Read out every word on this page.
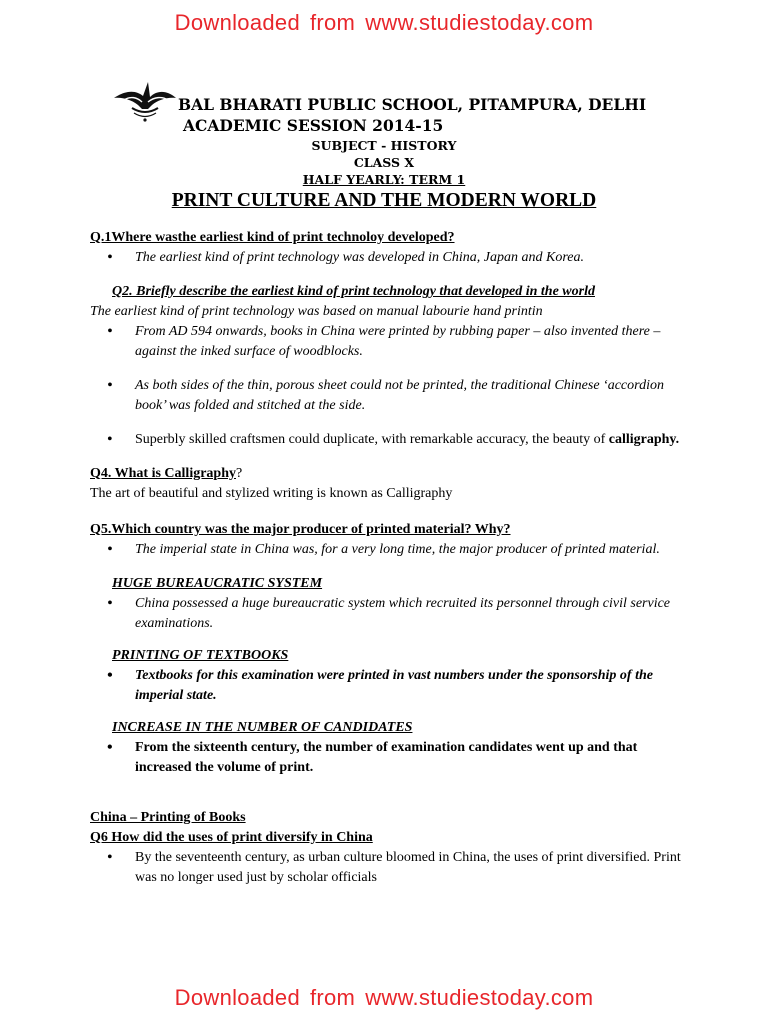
Downloaded from www.studiestoday.com
BAL BHARATI PUBLIC SCHOOL, PITAMPURA, DELHI
ACADEMIC SESSION 2014-15
SUBJECT - HISTORY
CLASS X
HALF YEARLY: TERM 1
PRINT CULTURE AND THE MODERN WORLD

Q.1Where wasthe earliest kind of print technoloy developed?

• The earliest kind of print technology was developed in China, Japan and Korea.

Q2. Briefly describe the earliest kind of print technology that developed in the world

The earliest kind of print technology was based on manual labourie hand printin

• From AD 594 onwards, books in China were printed by rubbing paper – also invented there – against the inked surface of woodblocks.
• As both sides of the thin, porous sheet could not be printed, the traditional Chinese ‘accordion book’ was folded and stitched at the side.
• Superbly skilled craftsmen could duplicate, with remarkable accuracy, the beauty of calligraphy.

Q4. What is Calligraphy?

The art of beautiful and stylized writing is known as Calligraphy

Q5.Which country was the major producer of printed material? Why?

• The imperial state in China was, for a very long time, the major producer of printed material.

HUGE BUREAUCRATIC SYSTEM

• China possessed a huge bureaucratic system which recruited its personnel through civil service examinations.

PRINTING OF TEXTBOOKS

• Textbooks for this examination were printed in vast numbers under the sponsorship of the imperial state.

INCREASE IN THE NUMBER OF CANDIDATES

• From the sixteenth century, the number of examination candidates went up and that increased the volume of print.

China – Printing of Books

Q6 How did the uses of print diversify in China

• By the seventeenth century, as urban culture bloomed in China, the uses of print diversified. Print was no longer used just by scholar officials
Downloaded from www.studiestoday.com
